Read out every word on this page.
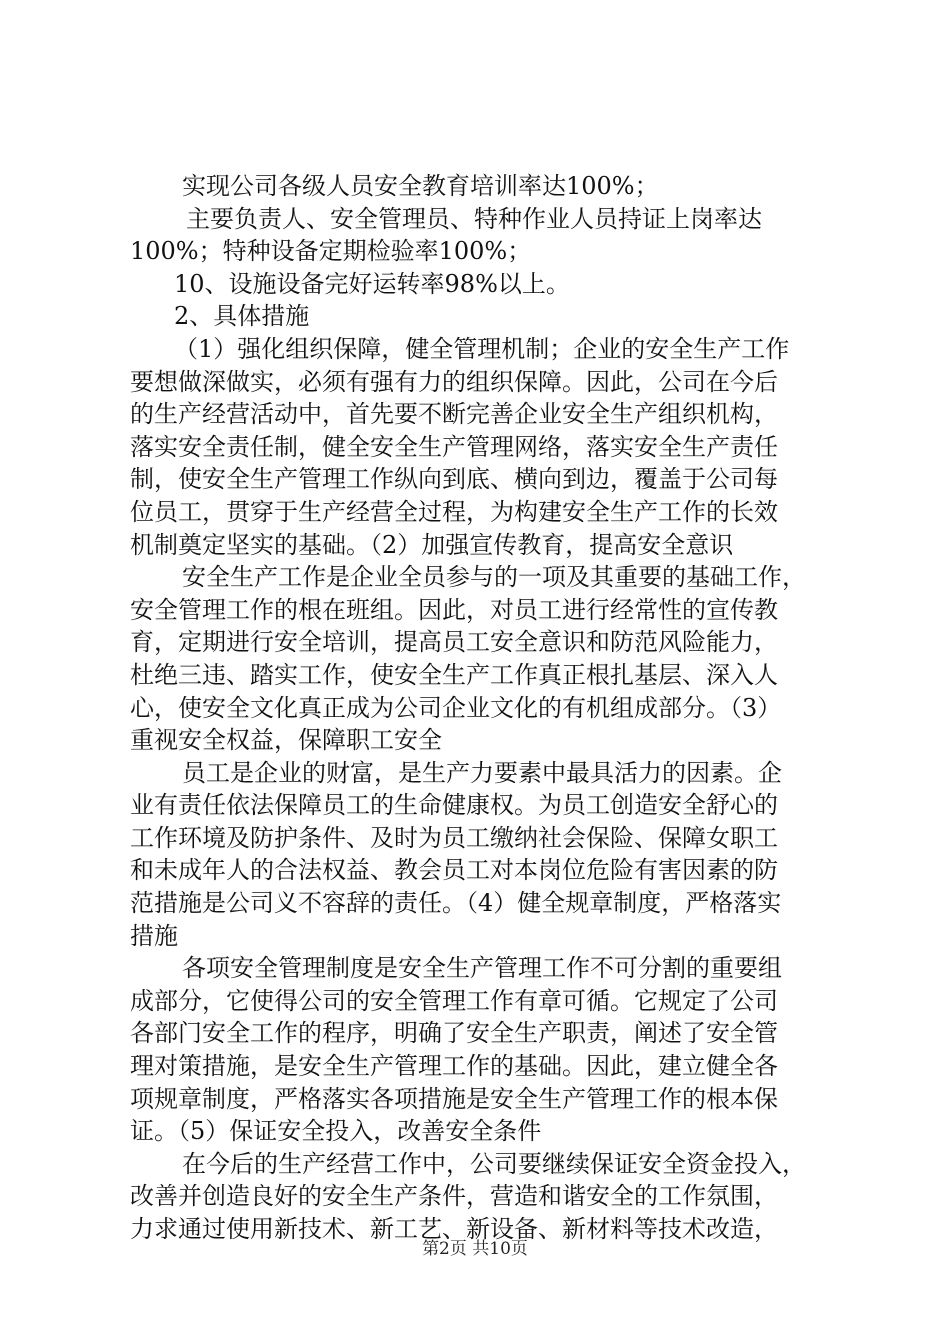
实现公司各级人员安全教育培训率达100%；
主要负责人、安全管理员、特种作业人员持证上岗率达
100%；特种设备定期检验率100%；
10、设施设备完好运转率98%以上。
2、具体措施
（1）强化组织保障，健全管理机制；企业的安全生产工作
要想做深做实，必须有强有力的组织保障。因此，公司在今后
的生产经营活动中，首先要不断完善企业安全生产组织机构，
落实安全责任制，健全安全生产管理网络，落实安全生产责任
制，使安全生产管理工作纵向到底、横向到边，覆盖于公司每
位员工，贯穿于生产经营全过程，为构建安全生产工作的长效
机制奠定坚实的基础。（2）加强宣传教育，提高安全意识
安全生产工作是企业全员参与的一项及其重要的基础工作，
安全管理工作的根在班组。因此，对员工进行经常性的宣传教
育，定期进行安全培训，提高员工安全意识和防范风险能力，
杜绝三违、踏实工作，使安全生产工作真正根扎基层、深入人
心，使安全文化真正成为公司企业文化的有机组成部分。（3）
重视安全权益，保障职工安全
员工是企业的财富，是生产力要素中最具活力的因素。企
业有责任依法保障员工的生命健康权。为员工创造安全舒心的
工作环境及防护条件、及时为员工缴纳社会保险、保障女职工
和未成年人的合法权益、教会员工对本岗位危险有害因素的防
范措施是公司义不容辞的责任。（4）健全规章制度，严格落实
措施
各项安全管理制度是安全生产管理工作不可分割的重要组
成部分，它使得公司的安全管理工作有章可循。它规定了公司
各部门安全工作的程序，明确了安全生产职责，阐述了安全管
理对策措施，是安全生产管理工作的基础。因此，建立健全各
项规章制度，严格落实各项措施是安全生产管理工作的根本保
证。（5）保证安全投入，改善安全条件
在今后的生产经营工作中，公司要继续保证安全资金投入，
改善并创造良好的安全生产条件，营造和谐安全的工作氛围，
力求通过使用新技术、新工艺、新设备、新材料等技术改造，
第2页 共10页
